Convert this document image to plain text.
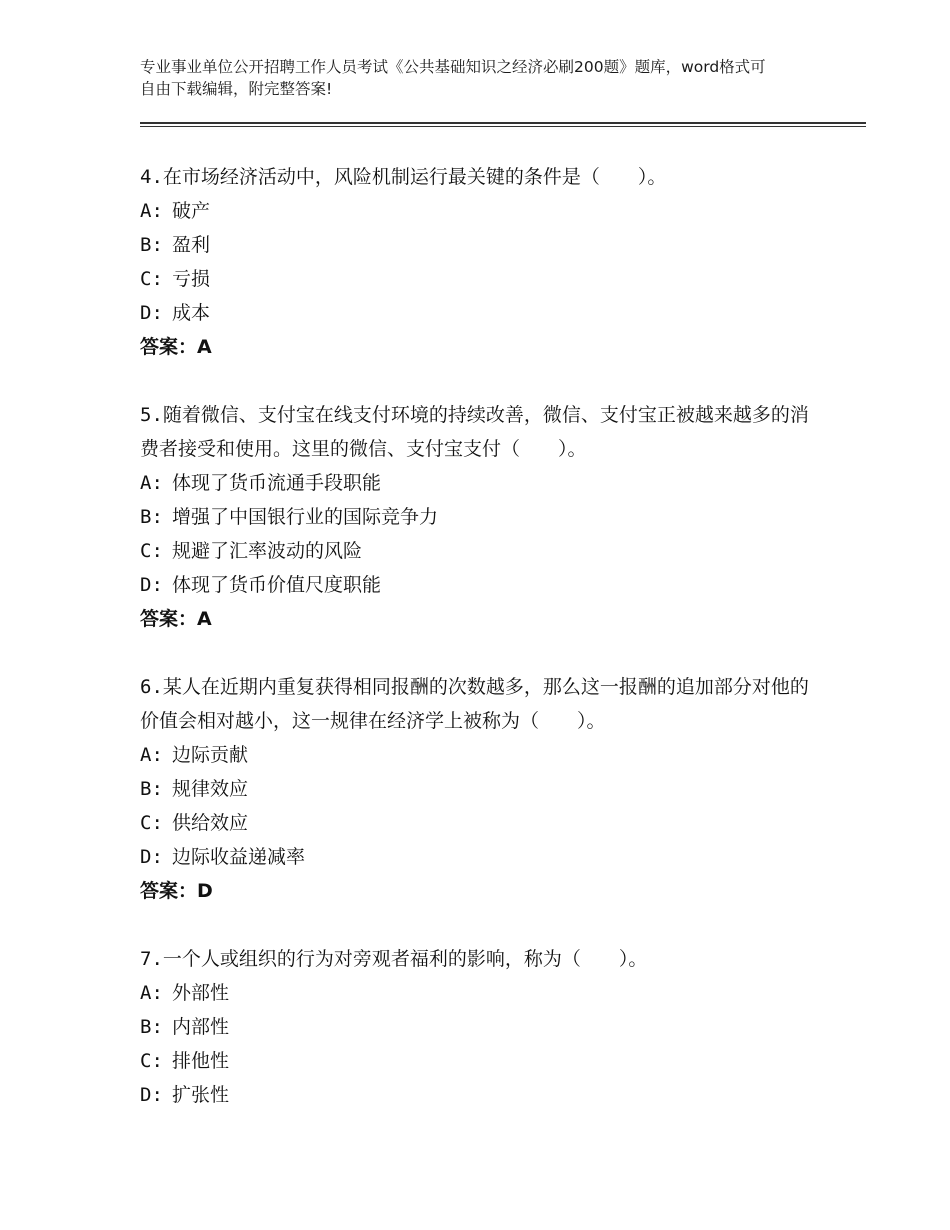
专业事业单位公开招聘工作人员考试《公共基础知识之经济必刷200题》题库，word格式可自由下载编辑，附完整答案!

4.在市场经济活动中，风险机制运行最关键的条件是（　　）。

A: 破产

B: 盈利

C: 亏损

D: 成本

答案：A

5.随着微信、支付宝在线支付环境的持续改善，微信、支付宝正被越来越多的消费者接受和使用。这里的微信、支付宝支付（　　）。

A: 体现了货币流通手段职能

B: 增强了中国银行业的国际竞争力

C: 规避了汇率波动的风险

D: 体现了货币价值尺度职能

答案：A

6.某人在近期内重复获得相同报酬的次数越多，那么这一报酬的追加部分对他的价值会相对越小，这一规律在经济学上被称为（　　）。

A: 边际贡献

B: 规律效应

C: 供给效应

D: 边际收益递减率

答案：D

7.一个人或组织的行为对旁观者福利的影响，称为（　　）。

A: 外部性

B: 内部性

C: 排他性

D: 扩张性
